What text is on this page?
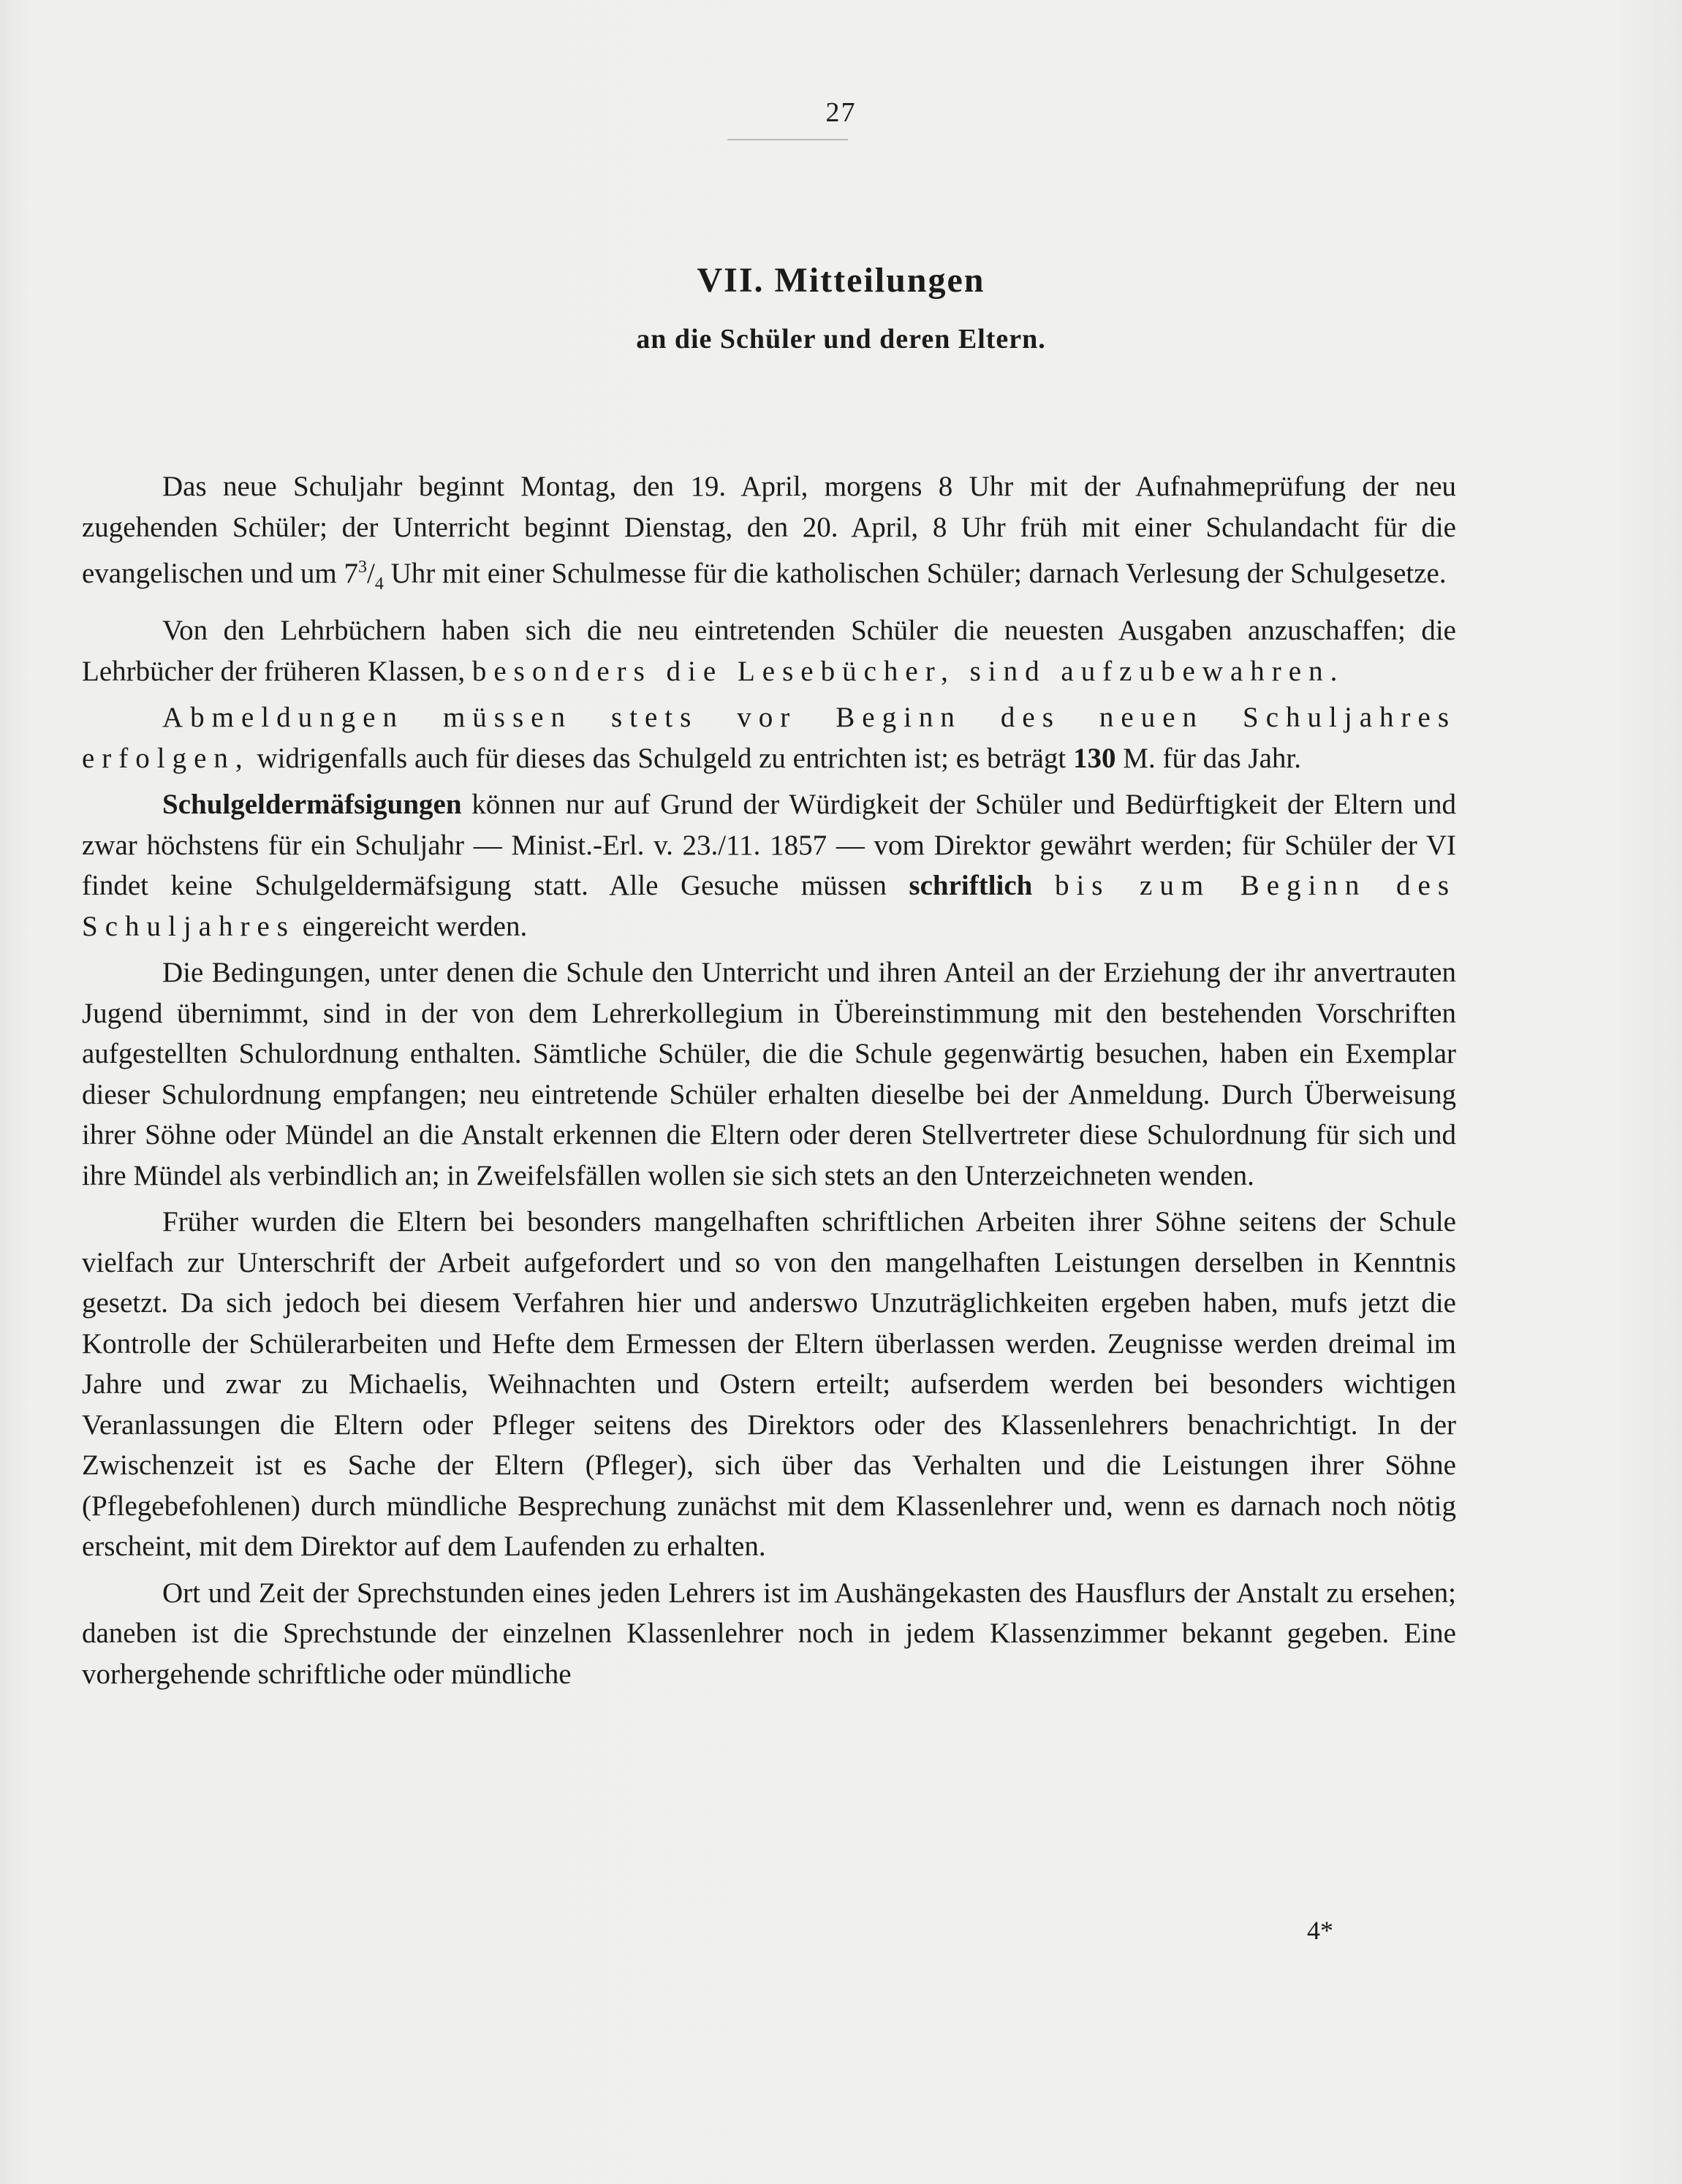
27
VII. Mitteilungen
an die Schüler und deren Eltern.

Das neue Schuljahr beginnt Montag, den 19. April, morgens 8 Uhr mit der Aufnahmeprüfung der neu zugehenden Schüler; der Unterricht beginnt Dienstag, den 20. April, 8 Uhr früh mit einer Schulandacht für die evangelischen und um $7^3/_4$ Uhr mit einer Schulmesse für die katholischen Schüler; darnach Verlesung der Schulgesetze.

Von den Lehrbüchern haben sich die neu eintretenden Schüler die neuesten Ausgaben anzuschaffen; die Lehrbücher der früheren Klassen, besonders die Lesebücher, sind aufzubewahren.

Abmeldungen müssen stets vor Beginn des neuen Schuljahres erfolgen, widrigenfalls auch für dieses das Schulgeld zu entrichten ist; es beträgt 130 M. für das Jahr.

Schulgeldermäfsigungen können nur auf Grund der Würdigkeit der Schüler und Bedürftigkeit der Eltern und zwar höchstens für ein Schuljahr — Minist.-Erl. v. 23./11. 1857 — vom Direktor gewährt werden; für Schüler der VI findet keine Schulgeldermäfsigung statt. Alle Gesuche müssen schriftlich bis zum Beginn des Schuljahres eingereicht werden.

Die Bedingungen, unter denen die Schule den Unterricht und ihren Anteil an der Erziehung der ihr anvertrauten Jugend übernimmt, sind in der von dem Lehrerkollegium in Übereinstimmung mit den bestehenden Vorschriften aufgestellten Schulordnung enthalten. Sämtliche Schüler, die die Schule gegenwärtig besuchen, haben ein Exemplar dieser Schulordnung empfangen; neu eintretende Schüler erhalten dieselbe bei der Anmeldung. Durch Überweisung ihrer Söhne oder Mündel an die Anstalt erkennen die Eltern oder deren Stellvertreter diese Schulordnung für sich und ihre Mündel als verbindlich an; in Zweifelsfällen wollen sie sich stets an den Unterzeichneten wenden.

Früher wurden die Eltern bei besonders mangelhaften schriftlichen Arbeiten ihrer Söhne seitens der Schule vielfach zur Unterschrift der Arbeit aufgefordert und so von den mangelhaften Leistungen derselben in Kenntnis gesetzt. Da sich jedoch bei diesem Verfahren hier und anderswo Unzuträglichkeiten ergeben haben, mufs jetzt die Kontrolle der Schülerarbeiten und Hefte dem Ermessen der Eltern überlassen werden. Zeugnisse werden dreimal im Jahre und zwar zu Michaelis, Weihnachten und Ostern erteilt; aufserdem werden bei besonders wichtigen Veranlassungen die Eltern oder Pfleger seitens des Direktors oder des Klassenlehrers benachrichtigt. In der Zwischenzeit ist es Sache der Eltern (Pfleger), sich über das Verhalten und die Leistungen ihrer Söhne (Pflegebefohlenen) durch mündliche Besprechung zunächst mit dem Klassenlehrer und, wenn es darnach noch nötig erscheint, mit dem Direktor auf dem Laufenden zu erhalten.

Ort und Zeit der Sprechstunden eines jeden Lehrers ist im Aushängekasten des Hausflurs der Anstalt zu ersehen; daneben ist die Sprechstunde der einzelnen Klassenlehrer noch in jedem Klassenzimmer bekannt gegeben. Eine vorhergehende schriftliche oder mündliche

4*
